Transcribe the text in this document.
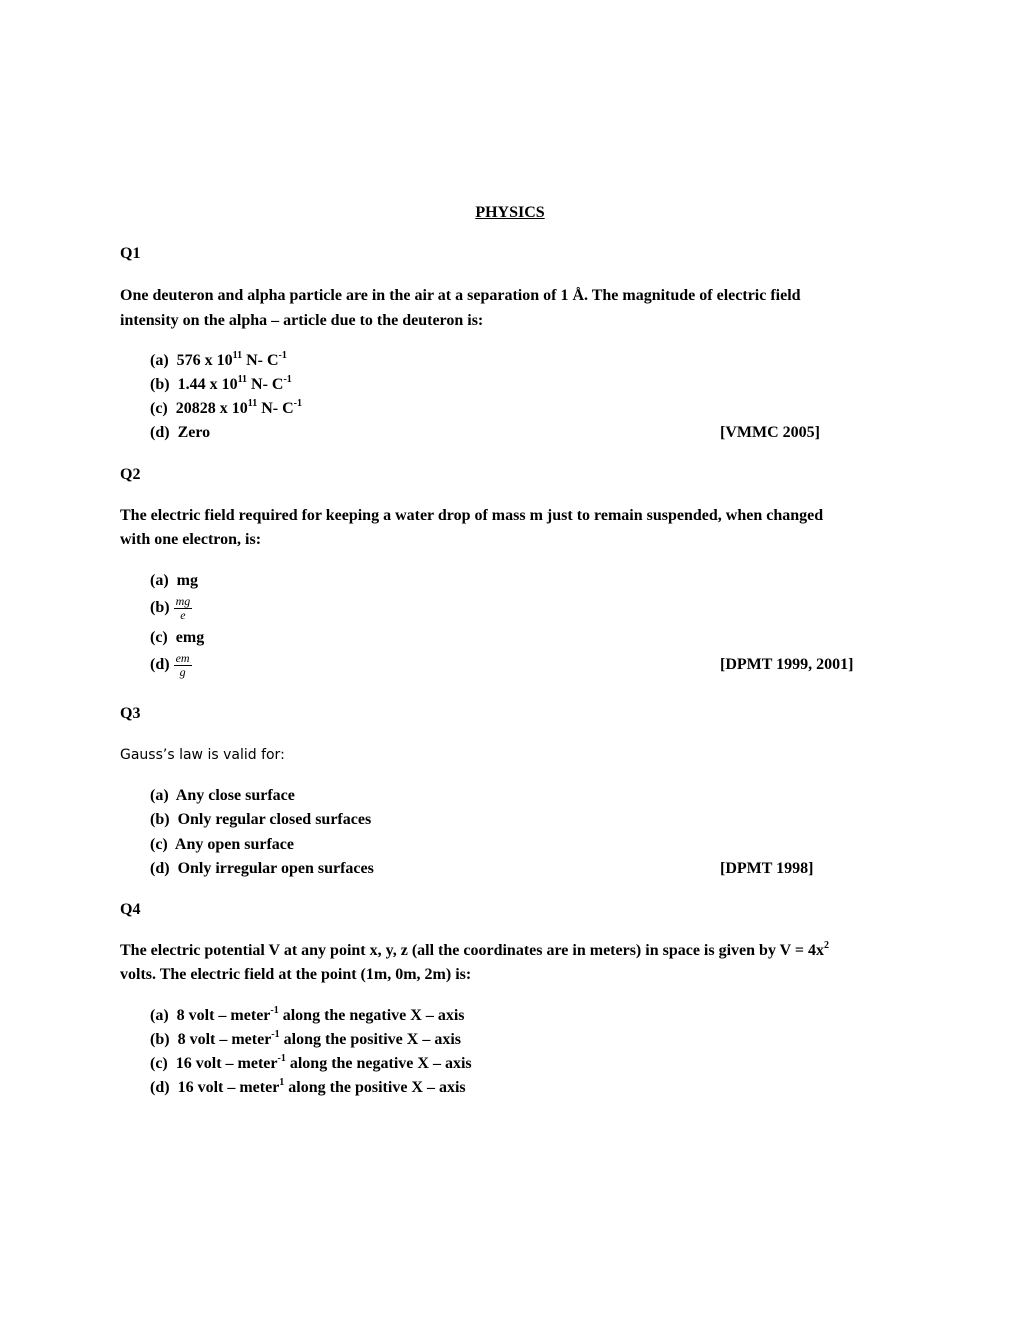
PHYSICS
Q1
One deuteron and alpha particle are in the air at a separation of 1 Å. The magnitude of electric field
intensity on the alpha – article due to the deuteron is:
(a) 576 x $10^{11}$ N- $C^{-1}$
(b) 1.44 x $10^{11}$ N- $C^{-1}$
(c)  20828 x $10^{11}$ N- $C^{-1}$
(d) Zero	[VMMC 2005]
Q2
The electric field required for keeping a water drop of mass m just to remain suspended, when changed
with one electron, is:
(a) mg
$(b) \frac{mg}{e}$
(c) emg
$(d) \frac{em}{g}$	[DPMT 1999, 2001]
Q3
Gauss’s law is valid for:
(a) Any close surface
(b) Only regular closed surfaces
(c) Any open surface
(d) Only irregular open surfaces	[DPMT 1998]
Q4
The electric potential V at any point x, y, z (all the coordinates are in meters) in space is given by $V = 4x^2$
volts. The electric field at the point (1m, 0m, 2m) is:
(a) 8 volt – meter$^{-1}$ along the negative X – axis
(b) 8 volt – meter$^{-1}$ along the positive X – axis
(c) 16 volt – meter$^{-1}$ along the negative X – axis
(d) 16 volt – meter$^1$ along the positive X – axis
